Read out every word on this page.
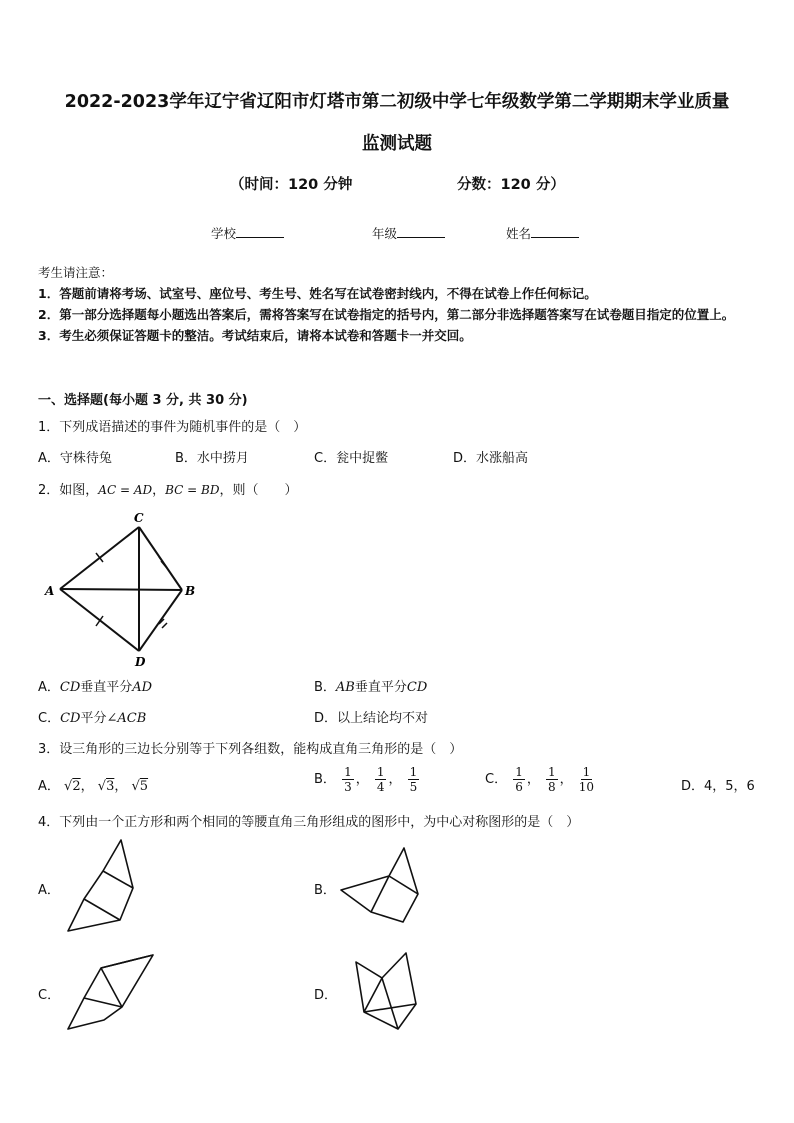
2022-2023学年辽宁省辽阳市灯塔市第二初级中学七年级数学第二学期期末学业质量
监测试题
（时间：120 分钟	分数：120 分）
学校	年级	姓名
考生请注意：
1．答题前请将考场、试室号、座位号、考生号、姓名写在试卷密封线内，不得在试卷上作任何标记。
2．第一部分选择题每小题选出答案后，需将答案写在试卷指定的括号内，第二部分非选择题答案写在试卷题目指定的位置上。
3．考生必须保证答题卡的整洁。考试结束后，请将本试卷和答题卡一并交回。
一、选择题(每小题 3 分, 共 30 分)
1．下列成语描述的事件为随机事件的是（　）
A．守株待兔	B．水中捞月	C．瓮中捉鳖	D．水涨船高
2．如图，AC = AD，BC = BD，则（　　）
C
A	B
D
A．CD垂直平分AD	B．AB垂直平分CD
C．CD平分∠ACB	D．以上结论均不对
3．设三角形的三边长分别等于下列各组数，能构成直角三角形的是（　）
A． √2， √3， √5	B． $\frac{1}{3}$ ， $\frac{1}{4}$ ， $\frac{1}{5}$	C． $\frac{1}{6}$ ， $\frac{1}{8}$ ， $\frac{1}{10}$	D．4，5，6
4．下列由一个正方形和两个相同的等腰直角三角形组成的图形中，为中心对称图形的是（　）
A．	B．
C．	D．
